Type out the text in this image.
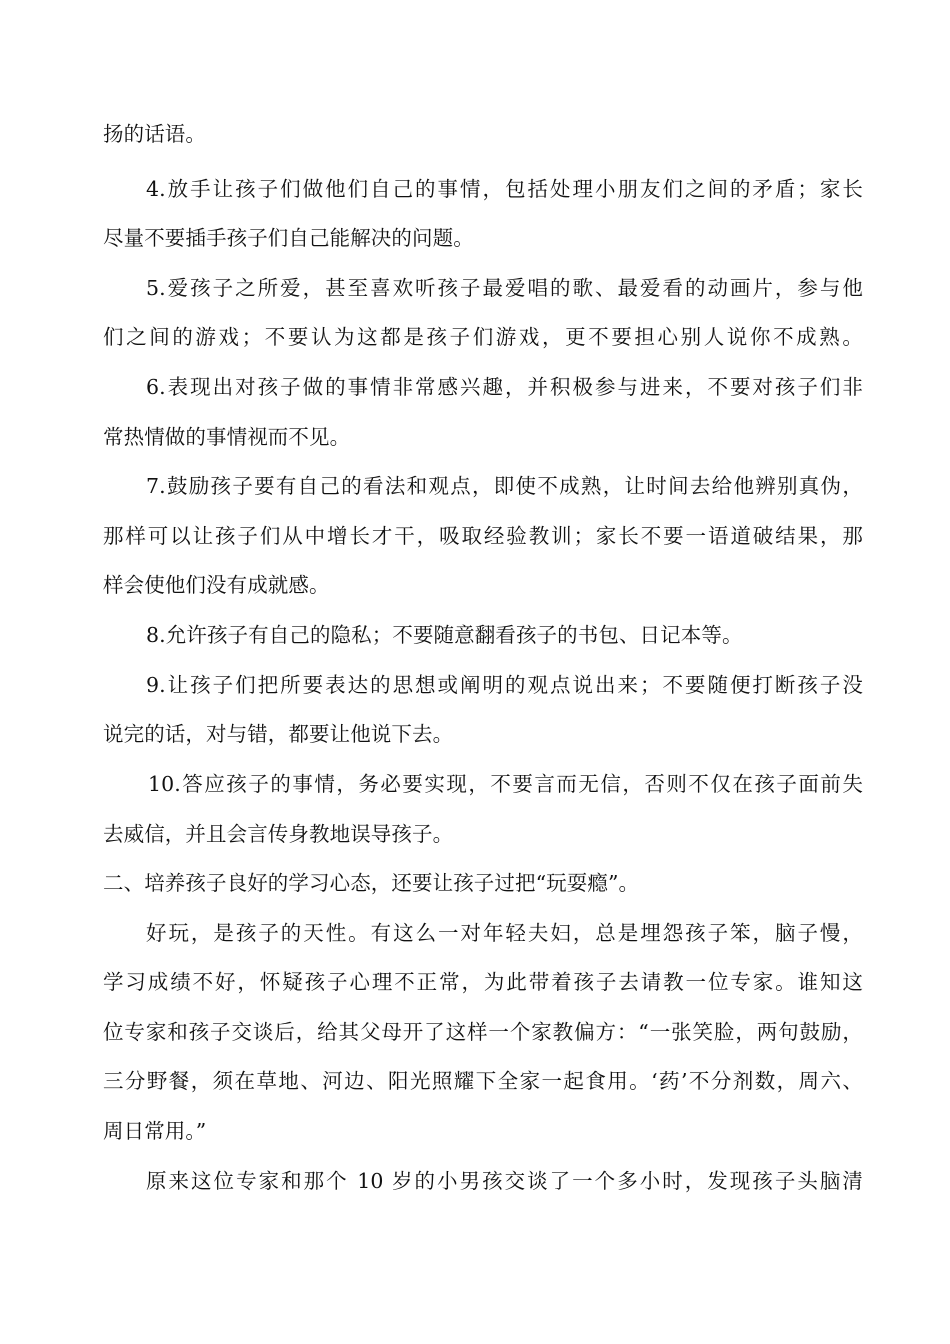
扬的话语。
4.放手让孩子们做他们自己的事情，包括处理小朋友们之间的矛盾；家长
尽量不要插手孩子们自己能解决的问题。
5.爱孩子之所爱，甚至喜欢听孩子最爱唱的歌、最爱看的动画片，参与他
们之间的游戏；不要认为这都是孩子们游戏，更不要担心别人说你不成熟。
6.表现出对孩子做的事情非常感兴趣，并积极参与进来，不要对孩子们非
常热情做的事情视而不见。
7.鼓励孩子要有自己的看法和观点，即使不成熟，让时间去给他辨别真伪，
那样可以让孩子们从中增长才干，吸取经验教训；家长不要一语道破结果，那
样会使他们没有成就感。
8.允许孩子有自己的隐私；不要随意翻看孩子的书包、日记本等。
9.让孩子们把所要表达的思想或阐明的观点说出来；不要随便打断孩子没
说完的话，对与错，都要让他说下去。
10.答应孩子的事情，务必要实现，不要言而无信，否则不仅在孩子面前失
去威信，并且会言传身教地误导孩子。
二、培养孩子良好的学习心态，还要让孩子过把“玩耍瘾”。
好玩，是孩子的天性。有这么一对年轻夫妇，总是埋怨孩子笨，脑子慢，
学习成绩不好，怀疑孩子心理不正常，为此带着孩子去请教一位专家。谁知这
位专家和孩子交谈后，给其父母开了这样一个家教偏方：“一张笑脸，两句鼓励，
三分野餐，须在草地、河边、阳光照耀下全家一起食用。‘药’不分剂数，周六、
周日常用。”
原来这位专家和那个 10 岁的小男孩交谈了一个多小时，发现孩子头脑清
